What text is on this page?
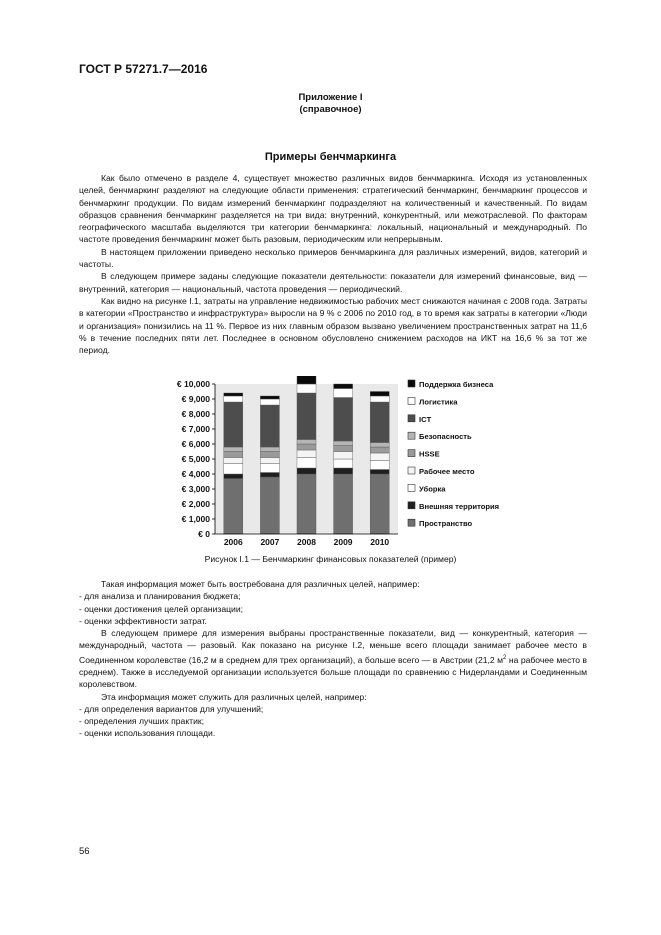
ГОСТ Р 57271.7—2016
Приложение I
(справочное)
Примеры бенчмаркинга

Как было отмечено в разделе 4, существует множество различных видов бенчмаркинга. Исходя из установленных целей, бенчмаркинг разделяют на следующие области применения: стратегический бенчмаркинг, бенчмаркинг процессов и бенчмаркинг продукции. По видам измерений бенчмаркинг подразделяют на количественный и качественный. По видам образцов сравнения бенчмаркинг разделяется на три вида: внутренний, конкурентный, или межотраслевой. По факторам географического масштаба выделяются три категории бенчмаркинга: локальный, национальный и международный. По частоте проведения бенчмаркинг может быть разовым, периодическим или непрерывным.

В настоящем приложении приведено несколько примеров бенчмаркинга для различных измерений, видов, категорий и частоты.

В следующем примере заданы следующие показатели деятельности: показатели для измерений финансовые, вид — внутренний, категория — национальный, частота проведения — периодический.

Как видно на рисунке I.1, затраты на управление недвижимостью рабочих мест снижаются начиная с 2008 года. Затраты в категории «Пространство и инфраструктура» выросли на 9 % с 2006 по 2010 год, в то время как затраты в категории «Люди и организация» понизились на 11 %. Первое из них главным образом вызвано увеличением пространственных затрат на 11,6 % в течение последних пяти лет. Последнее в основном обусловлено снижением расходов на ИКТ на 16,6 % за тот же период.

€ 0
€ 1,000
€ 2,000
€ 3,000
€ 4,000
€ 5,000
€ 6,000
€ 7,000
€ 8,000
€ 9,000
€ 10,000
2006 2007 2008 2009 2010
Поддержка бизнеса
Логистика
ICT
Безопасность
HSSE
Рабочее место
Уборка
Внешняя территория
Пространство
Рисунок I.1 — Бенчмаркинг финансовых показателей (пример)

Такая информация может быть востребована для различных целей, например:

- для анализа и планирования бюджета;
- оценки достижения целей организации;
- оценки эффективности затрат.

В следующем примере для измерения выбраны пространственные показатели, вид — конкурентный, категория — международный, частота — разовый. Как показано на рисунке I.2, меньше всего площади занимает рабочее место в Соединенном королевстве (16,2 м в среднем для трех организаций), а больше всего — в Австрии (21,2 $м^2$ на рабочее место в среднем). Также в исследуемой организации используется больше площади по сравнению с Нидерландами и Соединенным королевством.

Эта информация может служить для различных целей, например:

- для определения вариантов для улучшений;
- определения лучших практик;
- оценки использования площади.
56
